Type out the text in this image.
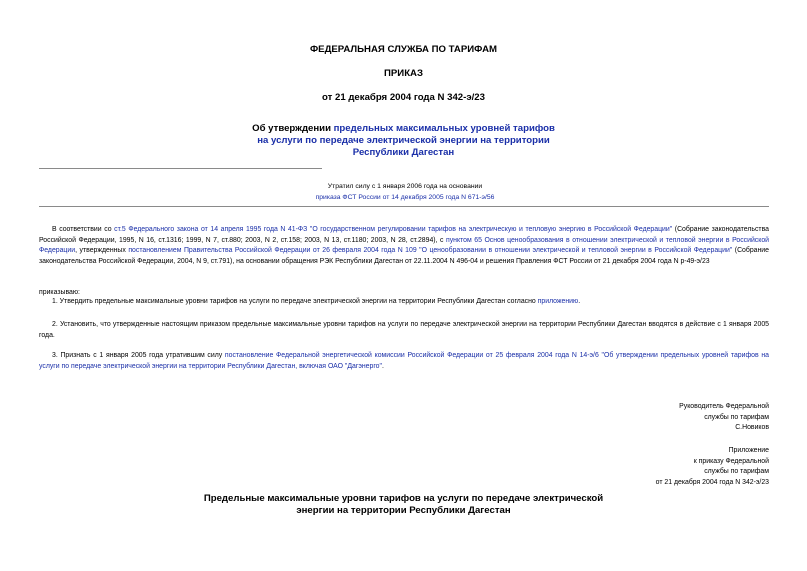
ФЕДЕРАЛЬНАЯ СЛУЖБА ПО ТАРИФАМ
ПРИКАЗ
от 21 декабря 2004 года N 342-э/23
Об утверждении предельных максимальных уровней тарифов
на услуги по передаче электрической энергии на территории
Республики Дагестан
Утратил силу с 1 января 2006 года на основании
приказа ФСТ России от 14 декабря 2005 года N 671-э/56
В соответствии со ст.5 Федерального закона от 14 апреля 1995 года N 41-ФЗ "О государственном регулировании тарифов на электрическую и тепловую энергию в Российской Федерации" (Собрание законодательства Российской Федерации, 1995, N 16, ст.1316; 1999, N 7, ст.880; 2003, N 2, ст.158; 2003, N 13, ст.1180; 2003, N 28, ст.2894), с пунктом 65 Основ ценообразования в отношении электрической и тепловой энергии в Российской Федерации, утвержденных постановлением Правительства Российской Федерации от 26 февраля 2004 года N 109 "О ценообразовании в отношении электрической и тепловой энергии в Российской Федерации" (Собрание законодательства Российской Федерации, 2004, N 9, ст.791), на основании обращения РЭК Республики Дагестан от 22.11.2004 N 496-04 и решения Правления ФСТ России от 21 декабря 2004 года N р-49-э/23
приказываю:
1. Утвердить предельные максимальные уровни тарифов на услуги по передаче электрической энергии на территории Республики Дагестан согласно приложению.
2. Установить, что утвержденные настоящим приказом предельные максимальные уровни тарифов на услуги по передаче электрической энергии на территории Республики Дагестан вводятся в действие с 1 января 2005 года.
3. Признать с 1 января 2005 года утратившим силу постановление Федеральной энергетической комиссии Российской Федерации от 25 февраля 2004 года N 14-э/6 "Об утверждении предельных уровней тарифов на услуги по передаче электрической энергии на территории Республики Дагестан, включая ОАО "Дагэнерго".
Руководитель Федеральной
службы по тарифам
С.Новиков
Приложение
к приказу Федеральной
службы по тарифам
от 21 декабря 2004 года N 342-э/23
Предельные максимальные уровни тарифов на услуги по передаче электрической
энергии на территории Республики Дагестан
